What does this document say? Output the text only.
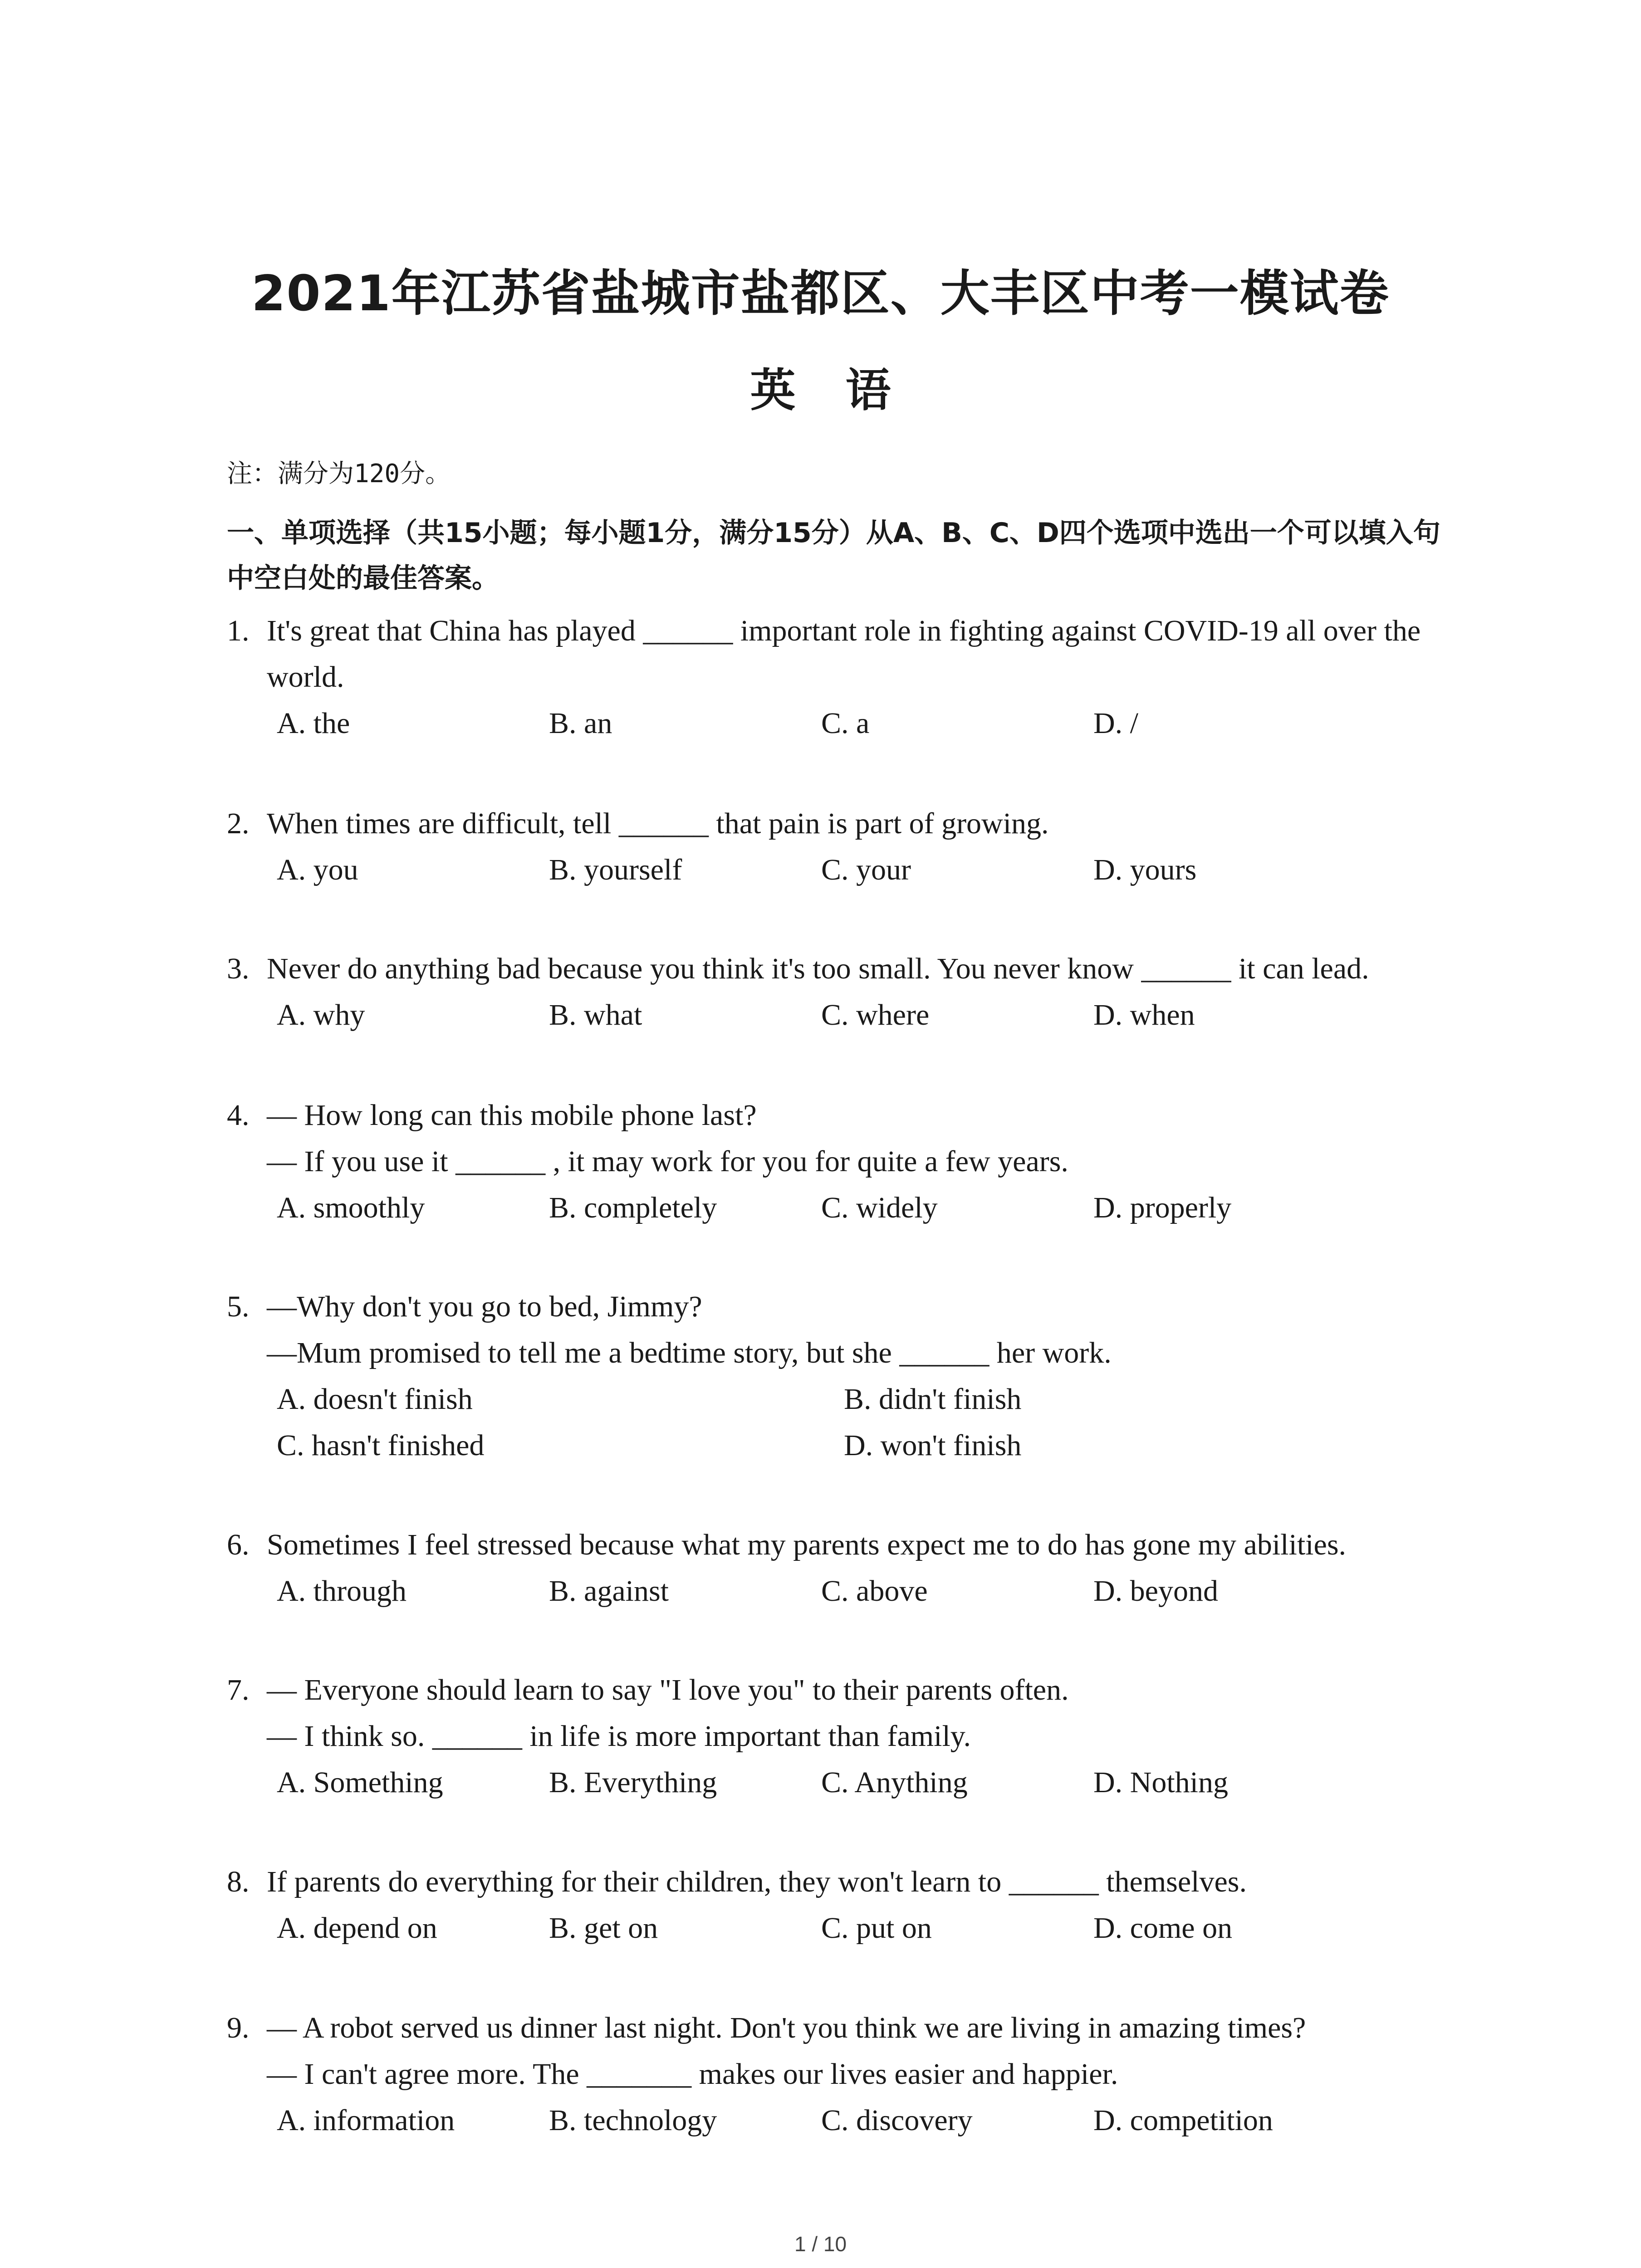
2021年江苏省盐城市盐都区、大丰区中考一模试卷
英语
注：满分为120分。
一、单项选择（共15小题；每小题1分，满分15分）从A、B、C、D四个选项中选出一个可以填入句中空白处的最佳答案。
1. It's great that China has played ______ important role in fighting against COVID-19 all over the world.
A. the	B. an	C. a	D. /
2. When times are difficult, tell ______ that pain is part of growing.
A. you	B. yourself	C. your	D. yours
3. Never do anything bad because you think it's too small. You never know ______ it can lead.
A. why	B. what	C. where	D. when
4. — How long can this mobile phone last?
— If you use it ______ , it may work for you for quite a few years.
A. smoothly	B. completely	C. widely	D. properly
5. —Why don't you go to bed, Jimmy?
—Mum promised to tell me a bedtime story, but she ______ her work.
A. doesn't finish	B. didn't finish
C. hasn't finished	D. won't finish
6. Sometimes I feel stressed because what my parents expect me to do has gone my abilities.
A. through	B. against	C. above	D. beyond
7. — Everyone should learn to say "I love you" to their parents often.
— I think so. ______ in life is more important than family.
A. Something	B. Everything	C. Anything	D. Nothing
8. If parents do everything for their children, they won't learn to ______ themselves.
A. depend on	B. get on	C. put on	D. come on
9. — A robot served us dinner last night. Don't you think we are living in amazing times?
— I can't agree more. The _______ makes our lives easier and happier.
A. information	B. technology	C. discovery	D. competition
1 / 10
